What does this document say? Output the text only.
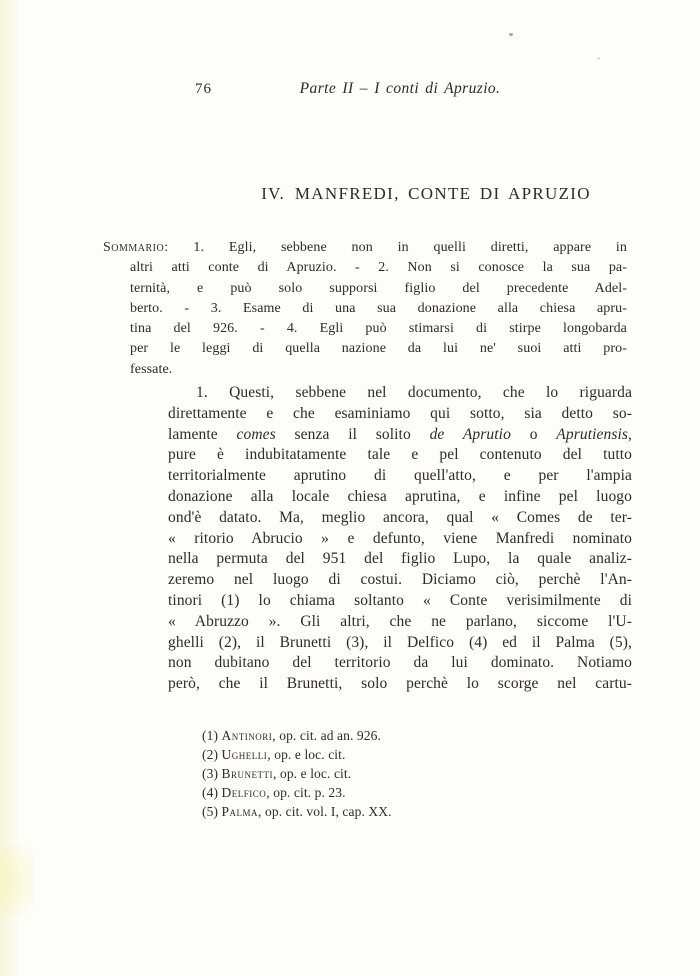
76	Parte II – I conti di Apruzio.
IV. MANFREDI, CONTE DI APRUZIO
Sommario: 1. Egli, sebbene non in quelli diretti, appare in
altri atti conte di Apruzio. - 2. Non si conosce la sua pa-
ternità, e può solo supporsi figlio del precedente Adel-
berto. - 3. Esame di una sua donazione alla chiesa apru-
tina del 926. - 4. Egli può stimarsi di stirpe longobarda
per le leggi di quella nazione da lui ne' suoi atti pro-
fessate.
1. Questi, sebbene nel documento, che lo riguarda
direttamente e che esaminiamo qui sotto, sia detto so-
lamente comes senza il solito de Aprutio o Aprutiensis,
pure è indubitatamente tale e pel contenuto del tutto
territorialmente aprutino di quell'atto, e per l'ampia
donazione alla locale chiesa aprutina, e infine pel luogo
ond'è datato. Ma, meglio ancora, qual « Comes de ter-
« ritorio Abrucio » e defunto, viene Manfredi nominato
nella permuta del 951 del figlio Lupo, la quale analiz-
zeremo nel luogo di costui. Diciamo ciò, perchè l'An-
tinori (1) lo chiama soltanto « Conte verisimilmente di
« Abruzzo ». Gli altri, che ne parlano, siccome l'U-
ghelli (2), il Brunetti (3), il Delfico (4) ed il Palma (5),
non dubitano del territorio da lui dominato. Notiamo
però, che il Brunetti, solo perchè lo scorge nel cartu-
(1) Antinori, op. cit. ad an. 926.
(2) Ughelli, op. e loc. cit.
(3) Brunetti, op. e loc. cit.
(4) Delfico, op. cit. p. 23.
(5) Palma, op. cit. vol. I, cap. XX.
